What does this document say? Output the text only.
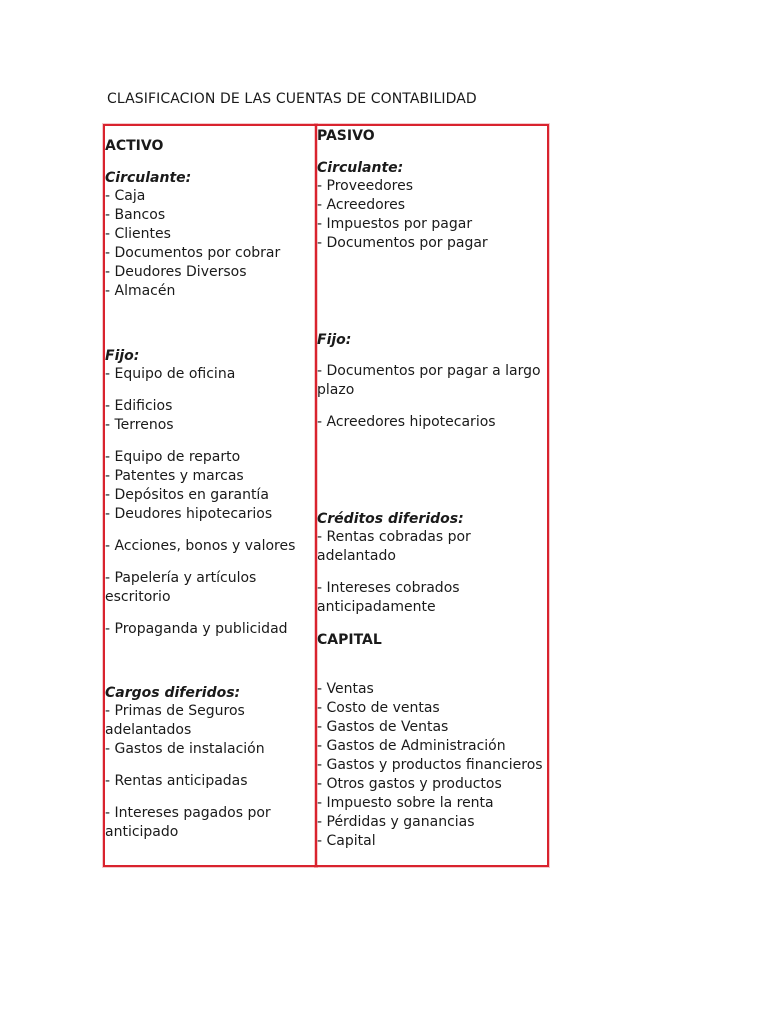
CLASIFICACION DE LAS CUENTAS DE CONTABILIDAD
ACTIVO
Circulante:
- Caja
- Bancos
- Clientes
- Documentos por cobrar
- Deudores Diversos
- Almacén
Fijo:
- Equipo de oficina
- Edificios
- Terrenos
- Equipo de reparto
- Patentes y marcas
- Depósitos en garantía
- Deudores hipotecarios
- Acciones, bonos y valores
- Papelería y artículos escritorio
- Propaganda y publicidad
Cargos diferidos:
- Primas de Seguros adelantados
- Gastos de instalación
- Rentas anticipadas
- Intereses pagados por anticipado
PASIVO
Circulante:
- Proveedores
- Acreedores
- Impuestos por pagar
- Documentos por pagar
Fijo:
- Documentos por pagar a largo plazo
- Acreedores hipotecarios
Créditos diferidos:
- Rentas cobradas por adelantado
- Intereses cobrados anticipadamente
CAPITAL
- Ventas
- Costo de ventas
- Gastos de Ventas
- Gastos de Administración
- Gastos y productos financieros
- Otros gastos y productos
- Impuesto sobre la renta
- Pérdidas y ganancias
- Capital
